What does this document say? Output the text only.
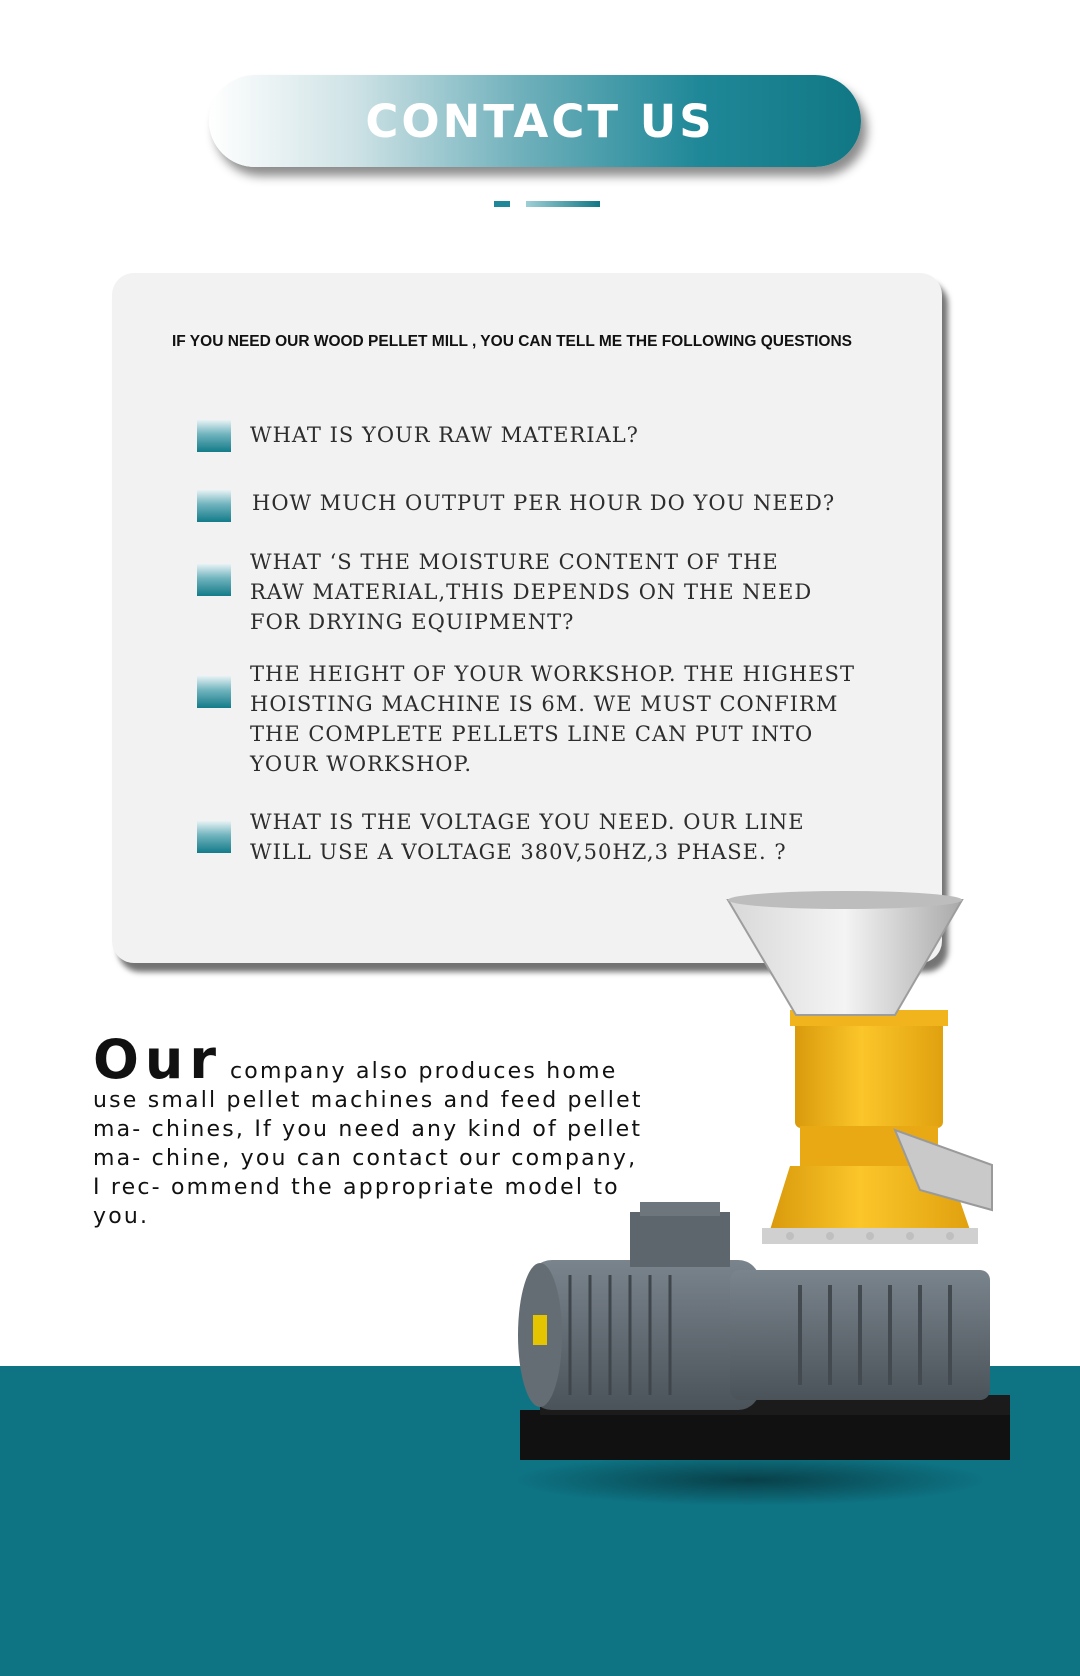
CONTACT US
IF YOU NEED OUR WOOD PELLET MILL , YOU CAN TELL ME THE FOLLOWING QUESTIONS
WHAT IS YOUR RAW MATERIAL?
HOW MUCH OUTPUT PER HOUR DO YOU NEED?
WHAT ‘S THE MOISTURE CONTENT OF THE RAW MATERIAL,THIS DEPENDS ON THE NEED FOR DRYING EQUIPMENT?
THE HEIGHT OF YOUR WORKSHOP. THE HIGHEST HOISTING MACHINE IS 6M. WE MUST CONFIRM THE COMPLETE PELLETS LINE CAN PUT INTO YOUR WORKSHOP.
WHAT IS THE VOLTAGE YOU NEED. OUR LINE WILL USE A VOLTAGE 380V,50HZ,3 PHASE. ?
Our company also produces home use small pellet machines and feed pellet ma- chines, If you need any kind of pellet ma- chine, you can contact our company, I rec- ommend the appropriate model to you.
